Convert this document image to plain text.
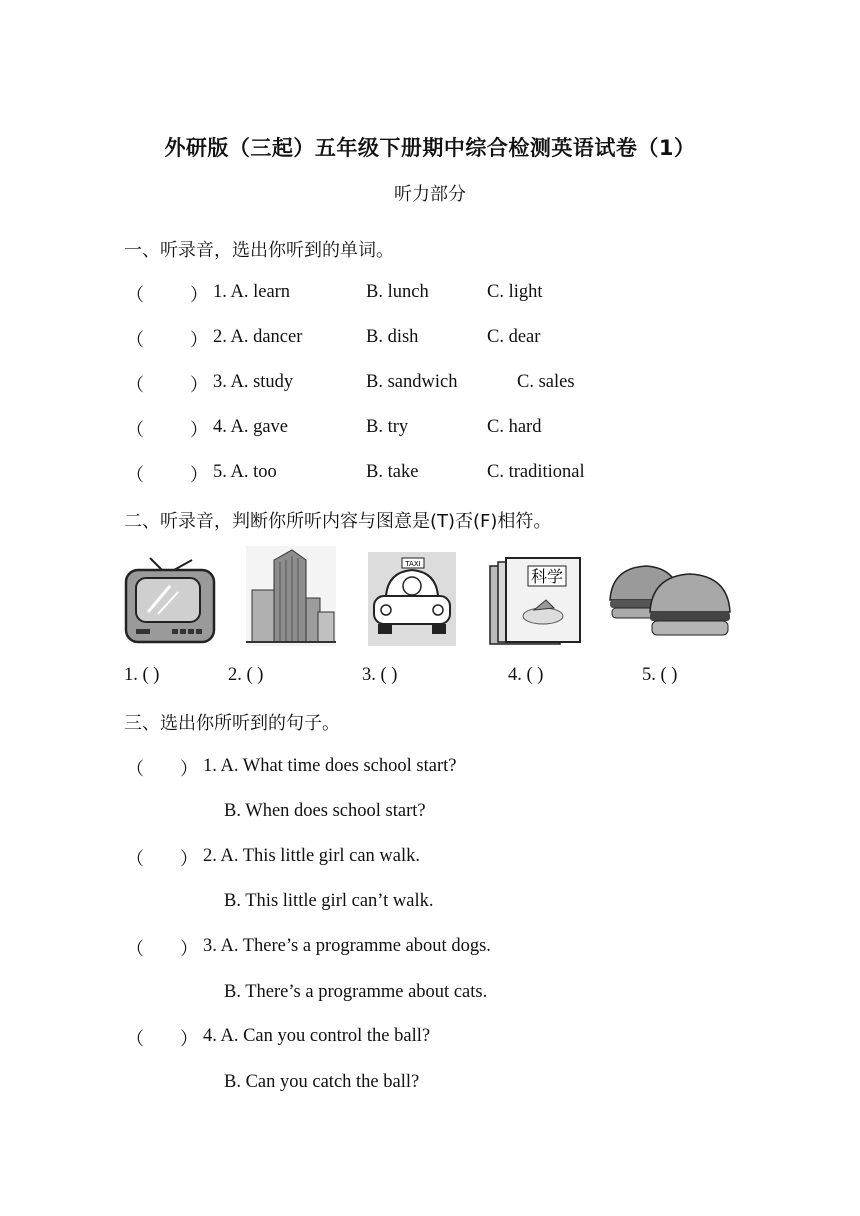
外研版（三起）五年级下册期中综合检测英语试卷（1）
听力部分
一、听录音，选出你听到的单词。
（	） 1. A. learn	B. lunch	C. light
（	） 2. A. dancer	B. dish	C. dear
（	） 3. A. study	B. sandwich	C. sales
（	） 4. A. gave	B. try	C. hard
（	） 5. A. too	B. take	C. traditional
二、听录音，判断你所听内容与图意是(T)否(F)相符。
TAXI
科学
1. ( )	2. ( )	3. ( )	4. ( )	5. ( )
三、选出你所听到的句子。
（ ） 1. A. What time does school start?
B. When does school start?
（ ） 2. A. This little girl can walk.
B. This little girl can’t walk.
（ ） 3. A. There’s a programme about dogs.
B. There’s a programme about cats.
（ ） 4. A. Can you control the ball?
B. Can you catch the ball?
